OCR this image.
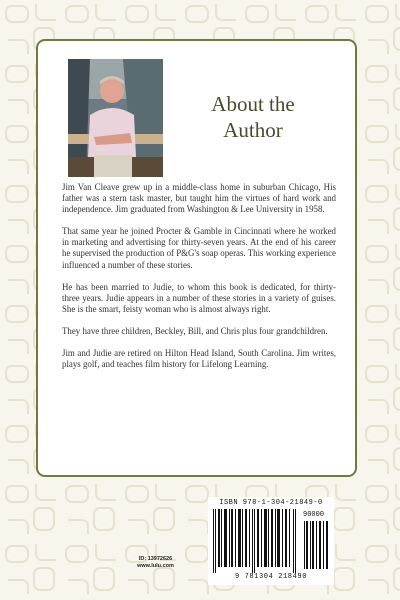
About the Author

Jim Van Cleave grew up in a middle-class home in suburban Chicago, His father was a stern task master, but taught him the virtues of hard work and independence. Jim graduated from Washington & Lee University in 1958.

That same year he joined Procter & Gamble in Cincinnati where he worked in marketing and advertising for thirty-seven years. At the end of his career he supervised the production of P&G's soap operas. This working experience influenced a number of these stories.

He has been married to Judie, to whom this book is dedicated, for thirty-three years. Judie appears in a number of these stories in a variety of guises. She is the smart, feisty woman who is almost always right.

They have three children, Beckley, Bill, and Chris plus four grandchildren.

Jim and Judie are retired on Hilton Head Island, South Carolina. Jim writes, plays golf, and teaches film history for Lifelong Learning.

ID: 13972626
www.lulu.com
ISBN 978-1-304-21849-0
90000
9 781304 218490
